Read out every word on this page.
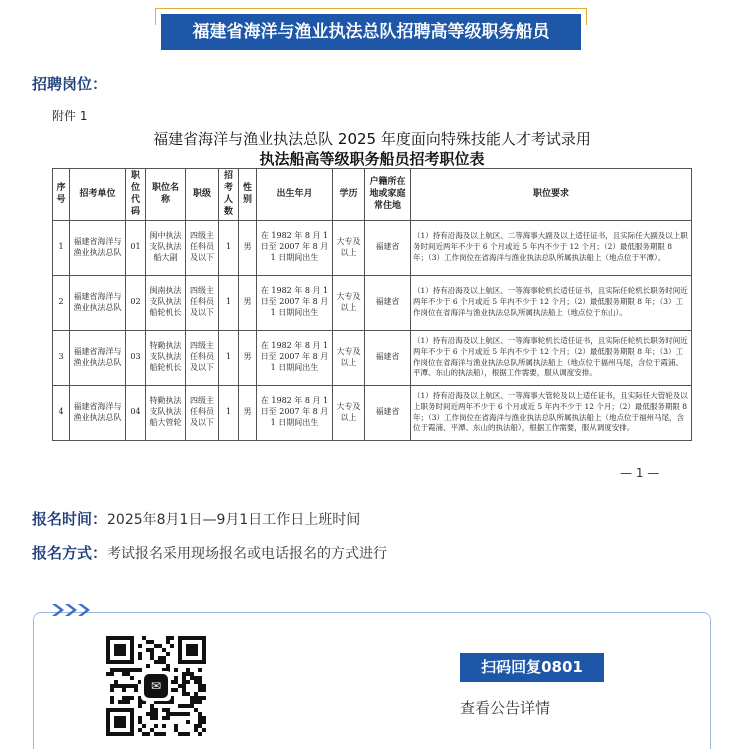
福建省海洋与渔业执法总队招聘高等级职务船员
招聘岗位：
附件 1
福建省海洋与渔业执法总队 2025 年度面向特殊技能人才考试录用
执法船高等级职务船员招考职位表
序号	招考单位	职位代码	职位名称	职级	招考人数	性别	出生年月	学历	户籍所在地或家庭常住地	职位要求
1	福建省海洋与渔业执法总队	01	闽中执法支队执法船大副	四级主任科员及以下	1	男	在 1982 年 8 月 1 日至 2007 年 8 月 1 日期间出生	大专及以上	福建省	（1）持有沿海及以上航区、二等海事大副及以上适任证书，且实际任大副及以上职务时间近两年不少于 6 个月或近 5 年内不少于 12 个月；（2）最低服务期限 8 年；（3）工作岗位在省海洋与渔业执法总队所属执法船上（地点位于平潭）。
2	福建省海洋与渔业执法总队	02	闽南执法支队执法船轮机长	四级主任科员及以下	1	男	在 1982 年 8 月 1 日至 2007 年 8 月 1 日期间出生	大专及以上	福建省	（1）持有沿海及以上航区、一等海事轮机长适任证书，且实际任轮机长职务时间近两年不少于 6 个月或近 5 年内不少于 12 个月；（2）最低服务期限 8 年；（3）工作岗位在省海洋与渔业执法总队所属执法船上（地点位于东山）。
3	福建省海洋与渔业执法总队	03	特勤执法支队执法船轮机长	四级主任科员及以下	1	男	在 1982 年 8 月 1 日至 2007 年 8 月 1 日期间出生	大专及以上	福建省	（1）持有沿海及以上航区、一等海事轮机长适任证书，且实际任轮机长职务时间近两年不少于 6 个月或近 5 年内不少于 12 个月；（2）最低服务期限 8 年；（3）工作岗位在省海洋与渔业执法总队所属执法船上（地点位于福州马尾，含位于霞浦、平潭、东山的执法船），根据工作需要，服从调度安排。
4	福建省海洋与渔业执法总队	04	特勤执法支队执法船大管轮	四级主任科员及以下	1	男	在 1982 年 8 月 1 日至 2007 年 8 月 1 日期间出生	大专及以上	福建省	（1）持有沿海及以上航区、一等海事大管轮及以上适任证书，且实际任大管轮及以上职务时间近两年不少于 6 个月或近 5 年内不少于 12 个月；（2）最低服务期限 8 年；（3）工作岗位在省海洋与渔业执法总队所属执法船上（地点位于福州马尾，含位于霞浦、平潭、东山的执法船），根据工作需要，服从调度安排。
— 1 —
报名时间：2025年8月1日—9月1日工作日上班时间
报名方式：考试报名采用现场报名或电话报名的方式进行
✉
扫码回复0801
查看公告详情
